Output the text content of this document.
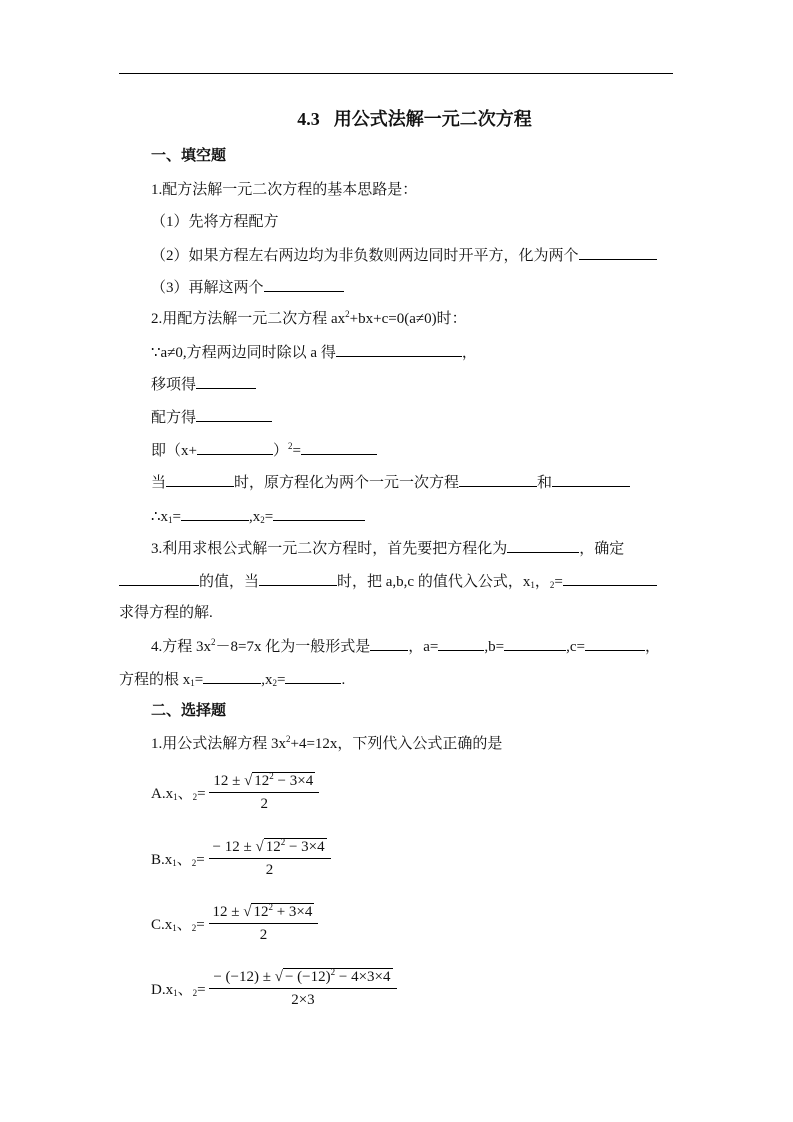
4.3 用公式法解一元二次方程
一、填空题
1.配方法解一元二次方程的基本思路是：
（1）先将方程配方
（2）如果方程左右两边均为非负数则两边同时开平方，化为两个
（3）再解这两个
2.用配方法解一元二次方程 $ax^2+bx+c=0(a\ne 0)$时：
∵a≠0,方程两边同时除以 a 得	，
移项得
配方得
即（x+	）$^2$=
当	时，原方程化为两个一元一次方程	和
$\therefore x_1=$	$,x_2=$
3.利用求根公式解一元二次方程时，首先要把方程化为	，确定
的值，当	时，把 a,b,c 的值代入公式，$x_1$，$_2$=
求得方程的解.
4.方程 $3x^2-8=7x$ 化为一般形式是	，a=	,b=	,c=	，
方程的根 $x_1=$	$,x_2=$	.
二、选择题
1.用公式法解方程 $3x^2+4=12x$，下列代入公式正确的是
$A.x_1$、$_2= \frac{12 \pm √ 12^2 - 3\times 4}{2}$
$B.x_1$、$_2= \frac{- 12 \pm √ 12^2 - 3\times 4}{2}$
$C.x_1$、$_2= \frac{12 \pm √ 12^2 + 3\times 4}{2}$
$D.x_1$、$_2= \frac{- (-12) \pm √ - (-12)^2 - 4\times 3\times 4}{2\times 3}$
